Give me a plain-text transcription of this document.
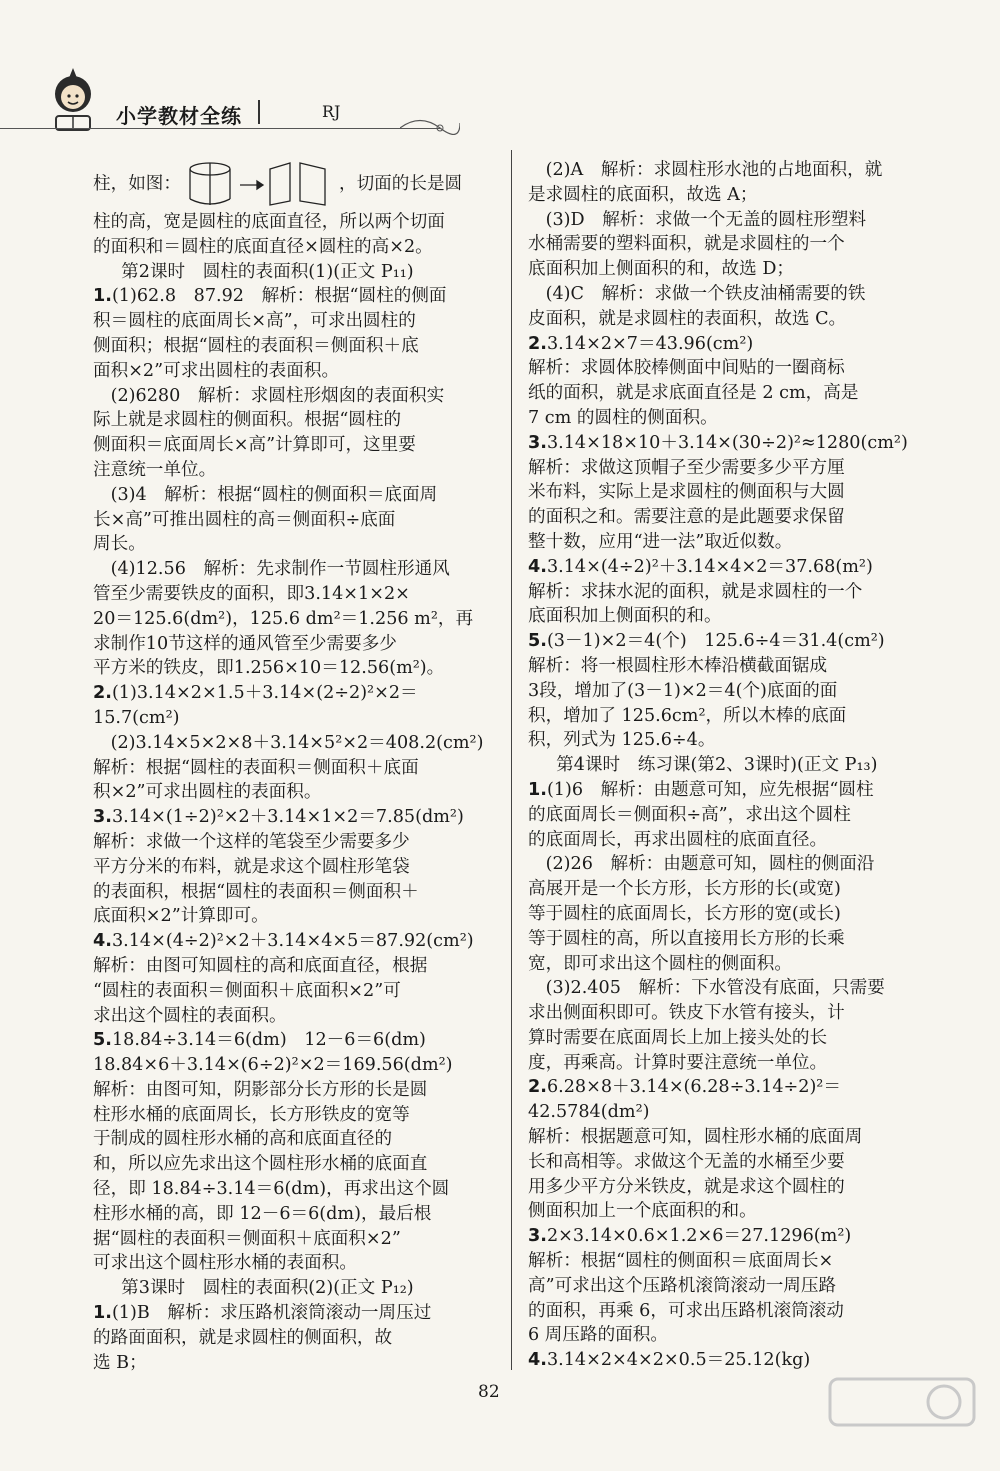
小学教材全练	RJ

柱，如图：	，切面的长是圆

柱的高，宽是圆柱的底面直径，所以两个切面

的面积和＝圆柱的底面直径×圆柱的高×2。

第2课时　圆柱的表面积(1)(正文 P₁₁)

1.(1)62.8　87.92　解析：根据“圆柱的侧面

积＝圆柱的底面周长×高”，可求出圆柱的

侧面积；根据“圆柱的表面积＝侧面积＋底

面积×2”可求出圆柱的表面积。

(2)6280　解析：求圆柱形烟囱的表面积实

际上就是求圆柱的侧面积。根据“圆柱的

侧面积＝底面周长×高”计算即可，这里要

注意统一单位。

(3)4　解析：根据“圆柱的侧面积＝底面周

长×高”可推出圆柱的高＝侧面积÷底面

周长。

(4)12.56　解析：先求制作一节圆柱形通风

管至少需要铁皮的面积，即3.14×1×2×

20＝125.6(dm²)，125.6 dm²＝1.256 m²，再

求制作10节这样的通风管至少需要多少

平方米的铁皮，即1.256×10＝12.56(m²)。

2.(1)3.14×2×1.5＋3.14×(2÷2)²×2＝

15.7(cm²)

(2)3.14×5×2×8＋3.14×5²×2＝408.2(cm²)

解析：根据“圆柱的表面积＝侧面积＋底面

积×2”可求出圆柱的表面积。

3.3.14×(1÷2)²×2＋3.14×1×2＝7.85(dm²)

解析：求做一个这样的笔袋至少需要多少

平方分米的布料，就是求这个圆柱形笔袋

的表面积，根据“圆柱的表面积＝侧面积＋

底面积×2”计算即可。

4.3.14×(4÷2)²×2＋3.14×4×5＝87.92(cm²)

解析：由图可知圆柱的高和底面直径，根据

“圆柱的表面积＝侧面积＋底面积×2”可

求出这个圆柱的表面积。

5.18.84÷3.14＝6(dm)　12－6＝6(dm)

18.84×6＋3.14×(6÷2)²×2＝169.56(dm²)

解析：由图可知，阴影部分长方形的长是圆

柱形水桶的底面周长，长方形铁皮的宽等

于制成的圆柱形水桶的高和底面直径的

和，所以应先求出这个圆柱形水桶的底面直

径，即 18.84÷3.14＝6(dm)，再求出这个圆

柱形水桶的高，即 12－6＝6(dm)，最后根

据“圆柱的表面积＝侧面积＋底面积×2”

可求出这个圆柱形水桶的表面积。

第3课时　圆柱的表面积(2)(正文 P₁₂)

1.(1)B　解析：求压路机滚筒滚动一周压过

的路面面积，就是求圆柱的侧面积，故

选 B；

(2)A　解析：求圆柱形水池的占地面积，就

是求圆柱的底面积，故选 A；

(3)D　解析：求做一个无盖的圆柱形塑料

水桶需要的塑料面积，就是求圆柱的一个

底面积加上侧面积的和，故选 D；

(4)C　解析：求做一个铁皮油桶需要的铁

皮面积，就是求圆柱的表面积，故选 C。

2.3.14×2×7＝43.96(cm²)

解析：求圆体胶棒侧面中间贴的一圈商标

纸的面积，就是求底面直径是 2 cm，高是

7 cm 的圆柱的侧面积。

3.3.14×18×10＋3.14×(30÷2)²≈1280(cm²)

解析：求做这顶帽子至少需要多少平方厘

米布料，实际上是求圆柱的侧面积与大圆

的面积之和。需要注意的是此题要求保留

整十数，应用“进一法”取近似数。

4.3.14×(4÷2)²＋3.14×4×2＝37.68(m²)

解析：求抹水泥的面积，就是求圆柱的一个

底面积加上侧面积的和。

5.(3－1)×2＝4(个)　125.6÷4＝31.4(cm²)

解析：将一根圆柱形木棒沿横截面锯成

3段，增加了(3－1)×2＝4(个)底面的面

积，增加了 125.6cm²，所以木棒的底面

积，列式为 125.6÷4。

第4课时　练习课(第2、3课时)(正文 P₁₃)

1.(1)6　解析：由题意可知，应先根据“圆柱

的底面周长＝侧面积÷高”，求出这个圆柱

的底面周长，再求出圆柱的底面直径。

(2)26　解析：由题意可知，圆柱的侧面沿

高展开是一个长方形，长方形的长(或宽)

等于圆柱的底面周长，长方形的宽(或长)

等于圆柱的高，所以直接用长方形的长乘

宽，即可求出这个圆柱的侧面积。

(3)2.405　解析：下水管没有底面，只需要

求出侧面积即可。铁皮下水管有接头，计

算时需要在底面周长上加上接头处的长

度，再乘高。计算时要注意统一单位。

2.6.28×8＋3.14×(6.28÷3.14÷2)²＝

42.5784(dm²)

解析：根据题意可知，圆柱形水桶的底面周

长和高相等。求做这个无盖的水桶至少要

用多少平方分米铁皮，就是求这个圆柱的

侧面积加上一个底面积的和。

3.2×3.14×0.6×1.2×6＝27.1296(m²)

解析：根据“圆柱的侧面积＝底面周长×

高”可求出这个压路机滚筒滚动一周压路

的面积，再乘 6，可求出压路机滚筒滚动

6 周压路的面积。

4.3.14×2×4×2×0.5＝25.12(kg)

82
